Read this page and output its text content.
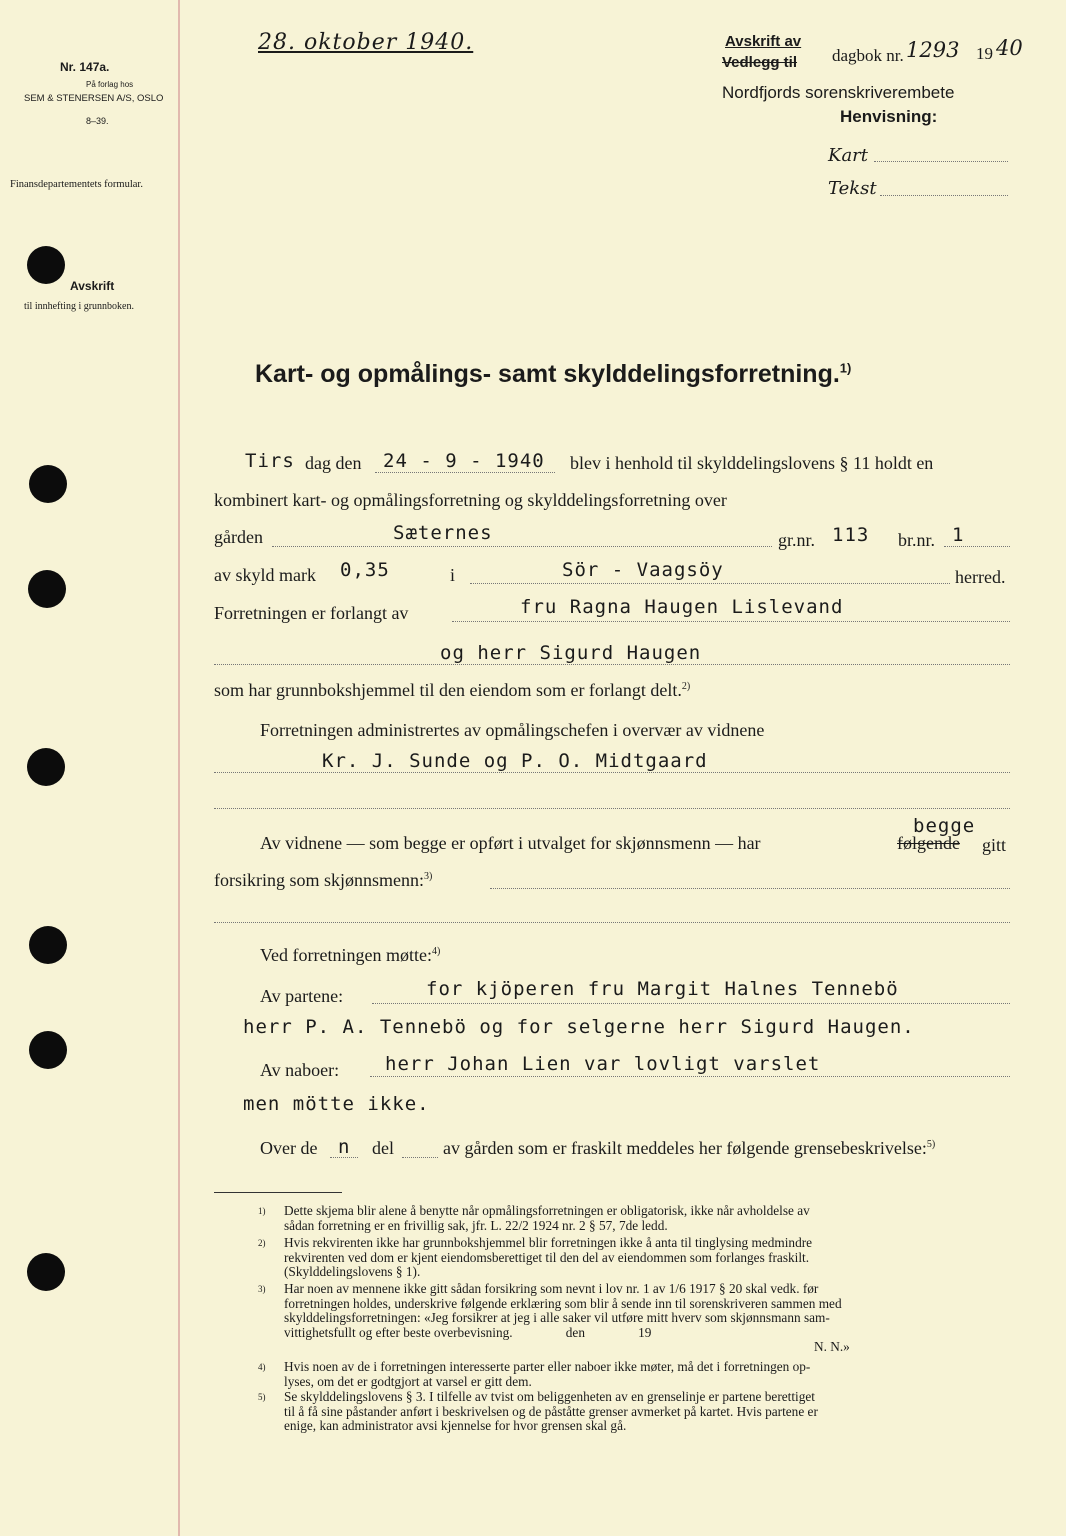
Nr. 147a.
På forlag hos
SEM & STENERSEN A/S, OSLO
8–39.
Finansdepartementets formular.
Avskrift
til innhefting i grunnboken.
28. oktober 1940.	Avskrift av
Vedlegg til dagbok nr. 1293 19 40
Nordfjords sorenskriverembete
Henvisning:
Kart
Tekst
Kart- og opmålings- samt skylddelingsforretning.$^{1)}$
Tirs dag den 24 - 9 - 1940 blev i henhold til skylddelingslovens § 11 holdt en
kombinert kart- og opmålingsforretning og skylddelingsforretning over
gården	Sæternes	gr.nr. 113 br.nr. 1
av skyld mark 0,35	i	Sör - Vaagsöy	herred.
Forretningen er forlangt av	fru Ragna Haugen Lislevand
og herr Sigurd Haugen
som har grunnbokshjemmel til den eiendom som er forlangt delt.$^{2)}$
Forretningen administrertes av opmålingschefen i overvær av vidnene
Kr. J. Sunde og P. O. Midtgaard
begge
Av vidnene — som begge er opført i utvalget for skjønnsmenn — har	følgende gitt
forsikring som skjønnsmenn:$^{3)}$
Ved forretningen møtte:$^{4)}$
Av partene:	for kjöperen fru Margit Halnes Tennebö
herr P. A. Tennebö og for selgerne herr Sigurd Haugen.
Av naboer: herr Johan Lien var lovligt varslet
men mötte ikke.
Over de n del	av gården som er fraskilt meddeles her følgende grensebeskrivelse:$^{5)}$
1) Dette skjema blir alene å benytte når opmålingsforretningen er obligatorisk, ikke når avholdelse av
sådan forretning er en frivillig sak, jfr. L. 22/2 1924 nr. 2 § 57, 7de ledd.
2) Hvis rekvirenten ikke har grunnbokshjemmel blir forretningen ikke å anta til tinglysing medmindre
rekvirenten ved dom er kjent eiendomsberettiget til den del av eiendommen som forlanges fraskilt.
(Skylddelingslovens § 1).
3) Har noen av mennene ikke gitt sådan forsikring som nevnt i lov nr. 1 av 1/6 1917 § 20 skal vedk. før
forretningen holdes, underskrive følgende erklæring som blir å sende inn til sorenskriveren sammen med
skylddelingsforretningen: «Jeg forsikrer at jeg i alle saker vil utføre mitt hverv som skjønnsmann sam-
vittighetsfullt og efter beste overbevisning.                den                19
N. N.»
4) Hvis noen av de i forretningen interesserte parter eller naboer ikke møter, må det i forretningen op-
lyses, om det er godtgjort at varsel er gitt dem.
5) Se skylddelingslovens § 3. I tilfelle av tvist om beliggenheten av en grenselinje er partene berettiget
til å få sine påstander anført i beskrivelsen og de påståtte grenser avmerket på kartet. Hvis partene er
enige, kan administrator avsi kjennelse for hvor grensen skal gå.
